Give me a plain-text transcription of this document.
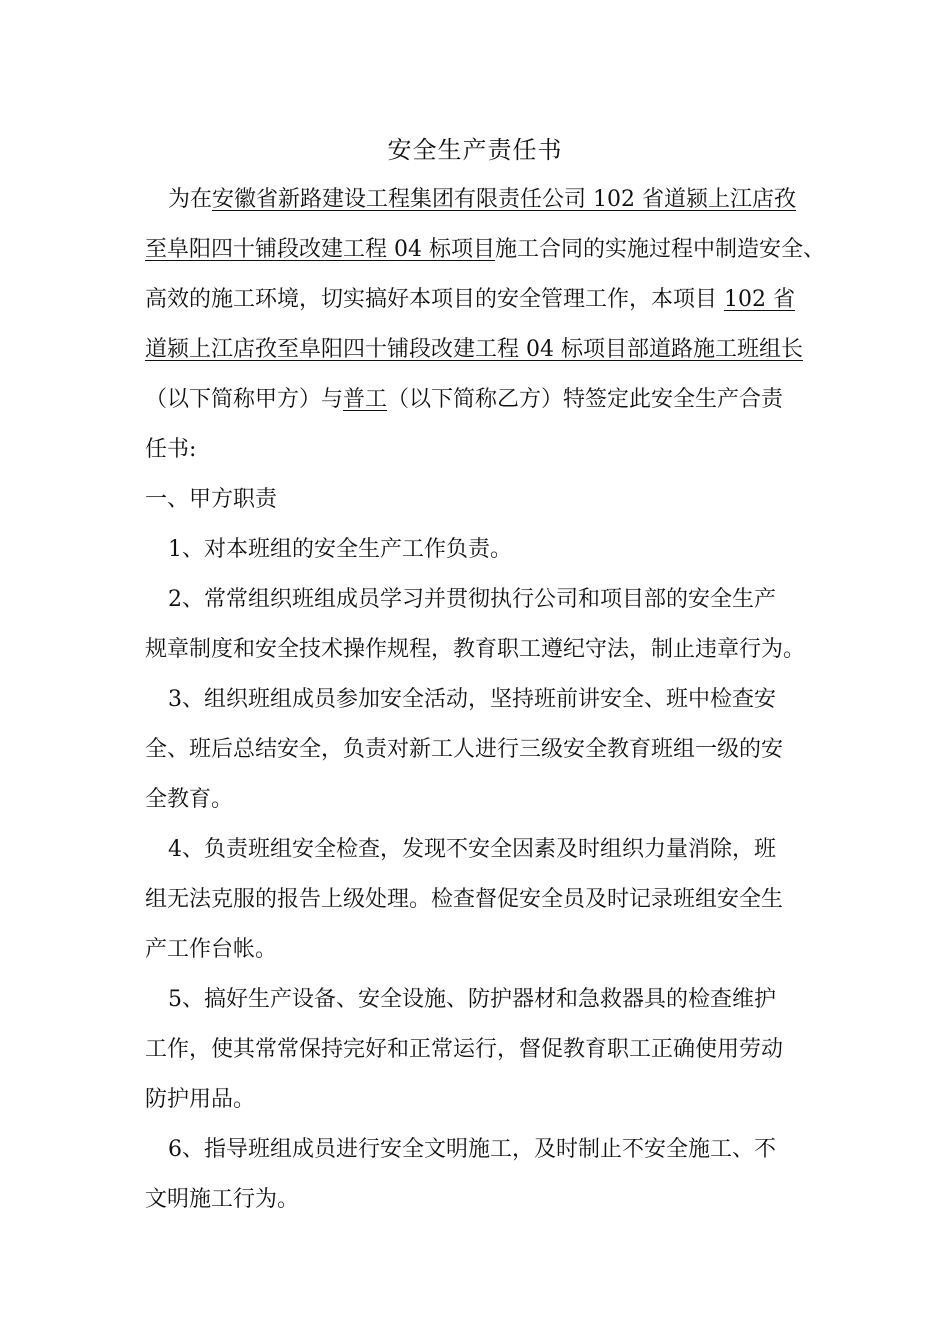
安全生产责任书
为在安徽省新路建设工程集团有限责任公司 102 省道颍上江店孜
至阜阳四十铺段改建工程 04 标项目施工合同的实施过程中制造安全、
高效的施工环境，切实搞好本项目的安全管理工作，本项目 102 省
道颍上江店孜至阜阳四十铺段改建工程 04 标项目部道路施工班组长
（以下简称甲方）与普工（以下简称乙方）特签定此安全生产合责
任书:
一、甲方职责
1、对本班组的安全生产工作负责。
2、常常组织班组成员学习并贯彻执行公司和项目部的安全生产
规章制度和安全技术操作规程，教育职工遵纪守法，制止违章行为。
3、组织班组成员参加安全活动，坚持班前讲安全、班中检查安
全、班后总结安全，负责对新工人进行三级安全教育班组一级的安
全教育。
4、负责班组安全检查，发现不安全因素及时组织力量消除，班
组无法克服的报告上级处理。检查督促安全员及时记录班组安全生
产工作台帐。
5、搞好生产设备、安全设施、防护器材和急救器具的检查维护
工作，使其常常保持完好和正常运行，督促教育职工正确使用劳动
防护用品。
6、指导班组成员进行安全文明施工，及时制止不安全施工、不
文明施工行为。
